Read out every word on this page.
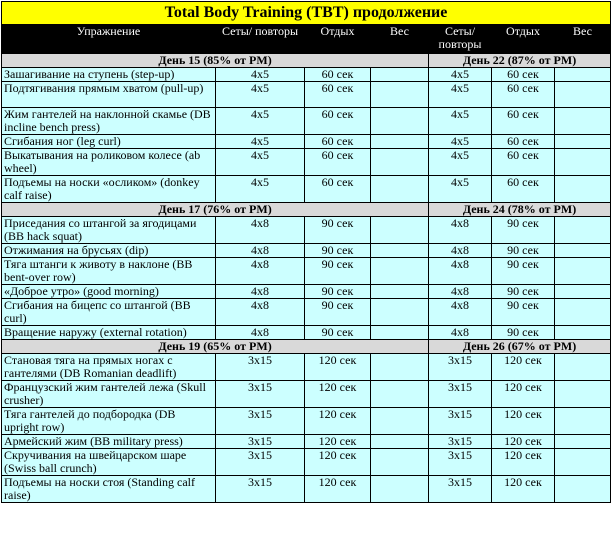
Total Body Training (TBT) продолжение						
Упражнение	Сеты/ повторы	Отдых	Вес	Сеты/ повторы	Отдых	Вес
День 15 (85% от PM)				День 22 (87% от PM)		
Зашагивание на ступень (step-up)	4x5	60 сек		4x5	60 сек	
Подтягивания прямым хватом (pull-up)	4x5	60 сек		4x5	60 сек	
Жим гантелей на наклонной скамье (DB incline bench press)	4x5	60 сек		4x5	60 сек	
Сгибания ног (leg curl)	4x5	60 сек		4x5	60 сек	
Выкатывания на роликовом колесе (ab wheel)	4x5	60 сек		4x5	60 сек	
Подъемы на носки «осликом» (donkey calf raise)	4x5	60 сек		4x5	60 сек	
День 17 (76% от PM)				День 24 (78% от PM)		
Приседания со штангой за ягодицами (BB hack squat)	4x8	90 сек		4x8	90 сек	
Отжимания на брусьях (dip)	4x8	90 сек		4x8	90 сек	
Тяга штанги к животу в наклоне (BB bent-over row)	4x8	90 сек		4x8	90 сек	
«Доброе утро» (good morning)	4x8	90 сек		4x8	90 сек	
Сгибания на бицепс со штангой (BB curl)	4x8	90 сек		4x8	90 сек	
Вращение наружу (external rotation)	4x8	90 сек		4x8	90 сек	
День 19 (65% от PM)				День 26 (67% от PM)		
Становая тяга на прямых ногах с гантелями (DB Romanian deadlift)	3x15	120 сек		3x15	120 сек	
Французский жим гантелей лежа (Skull crusher)	3x15	120 сек		3x15	120 сек	
Тяга гантелей до подбородка (DB upright row)	3x15	120 сек		3x15	120 сек	
Армейский жим (BB military press)	3x15	120 сек		3x15	120 сек	
Скручивания на швейцарском шаре (Swiss ball crunch)	3x15	120 сек		3x15	120 сек	
Подъемы на носки стоя (Standing calf raise)	3x15	120 сек		3x15	120 сек	
